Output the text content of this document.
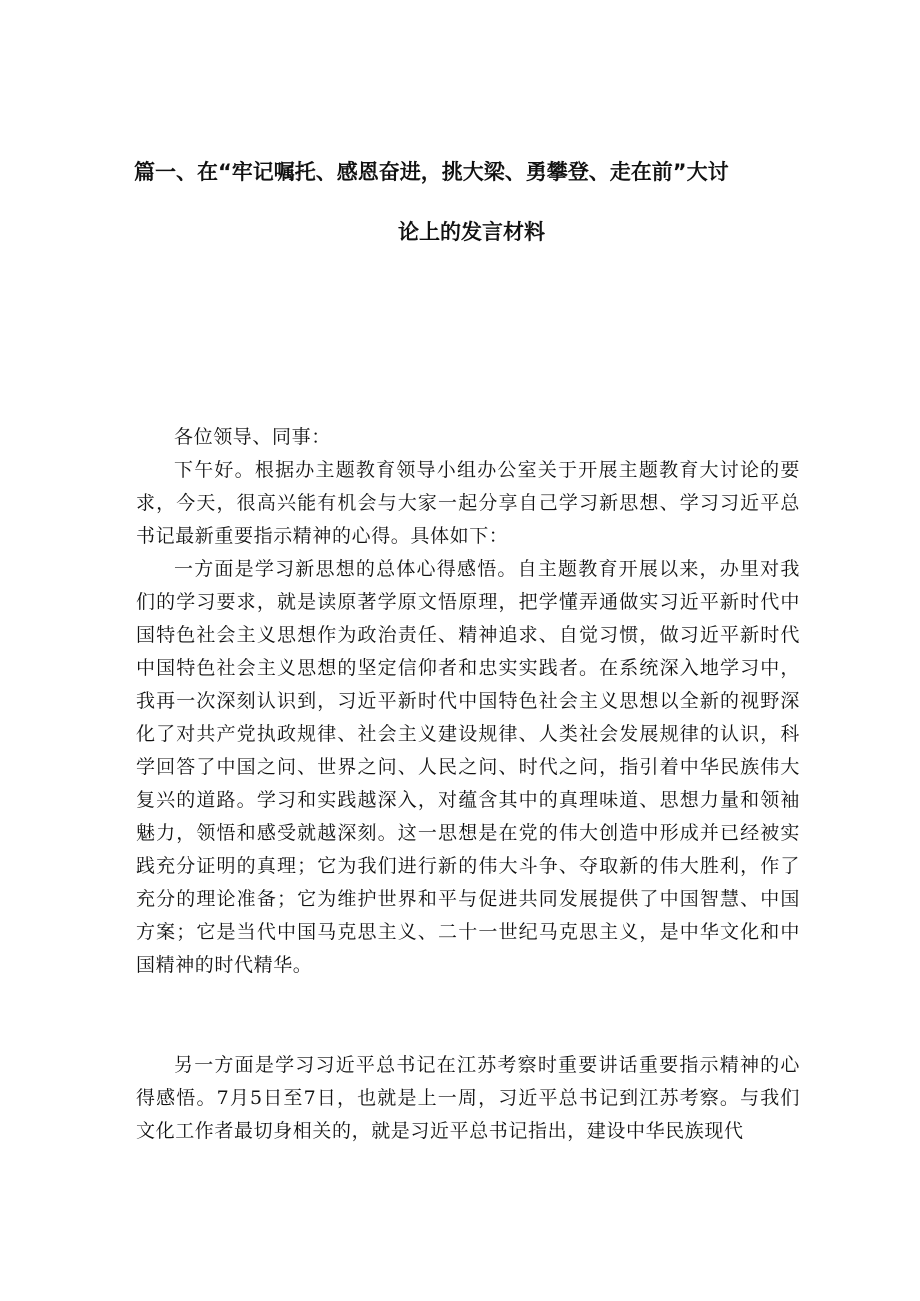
篇一、在“牢记嘱托、感恩奋进，挑大梁、勇攀登、走在前”大讨
论上的发言材料

各位领导、同事：

下午好。根据办主题教育领导小组办公室关于开展主题教育大讨论的要求，今天，很高兴能有机会与大家一起分享自己学习新思想、学习习近平总书记最新重要指示精神的心得。具体如下：

一方面是学习新思想的总体心得感悟。自主题教育开展以来，办里对我们的学习要求，就是读原著学原文悟原理，把学懂弄通做实习近平新时代中国特色社会主义思想作为政治责任、精神追求、自觉习惯，做习近平新时代中国特色社会主义思想的坚定信仰者和忠实实践者。在系统深入地学习中，我再一次深刻认识到，习近平新时代中国特色社会主义思想以全新的视野深化了对共产党执政规律、社会主义建设规律、人类社会发展规律的认识，科学回答了中国之问、世界之问、人民之问、时代之问，指引着中华民族伟大复兴的道路。学习和实践越深入，对蕴含其中的真理味道、思想力量和领袖魅力，领悟和感受就越深刻。这一思想是在党的伟大创造中形成并已经被实践充分证明的真理；它为我们进行新的伟大斗争、夺取新的伟大胜利，作了充分的理论准备；它为维护世界和平与促进共同发展提供了中国智慧、中国方案；它是当代中国马克思主义、二十一世纪马克思主义，是中华文化和中国精神的时代精华。

另一方面是学习习近平总书记在江苏考察时重要讲话重要指示精神的心得感悟。7月5日至7日，也就是上一周，习近平总书记到江苏考察。与我们文化工作者最切身相关的，就是习近平总书记指出，建设中华民族现代
